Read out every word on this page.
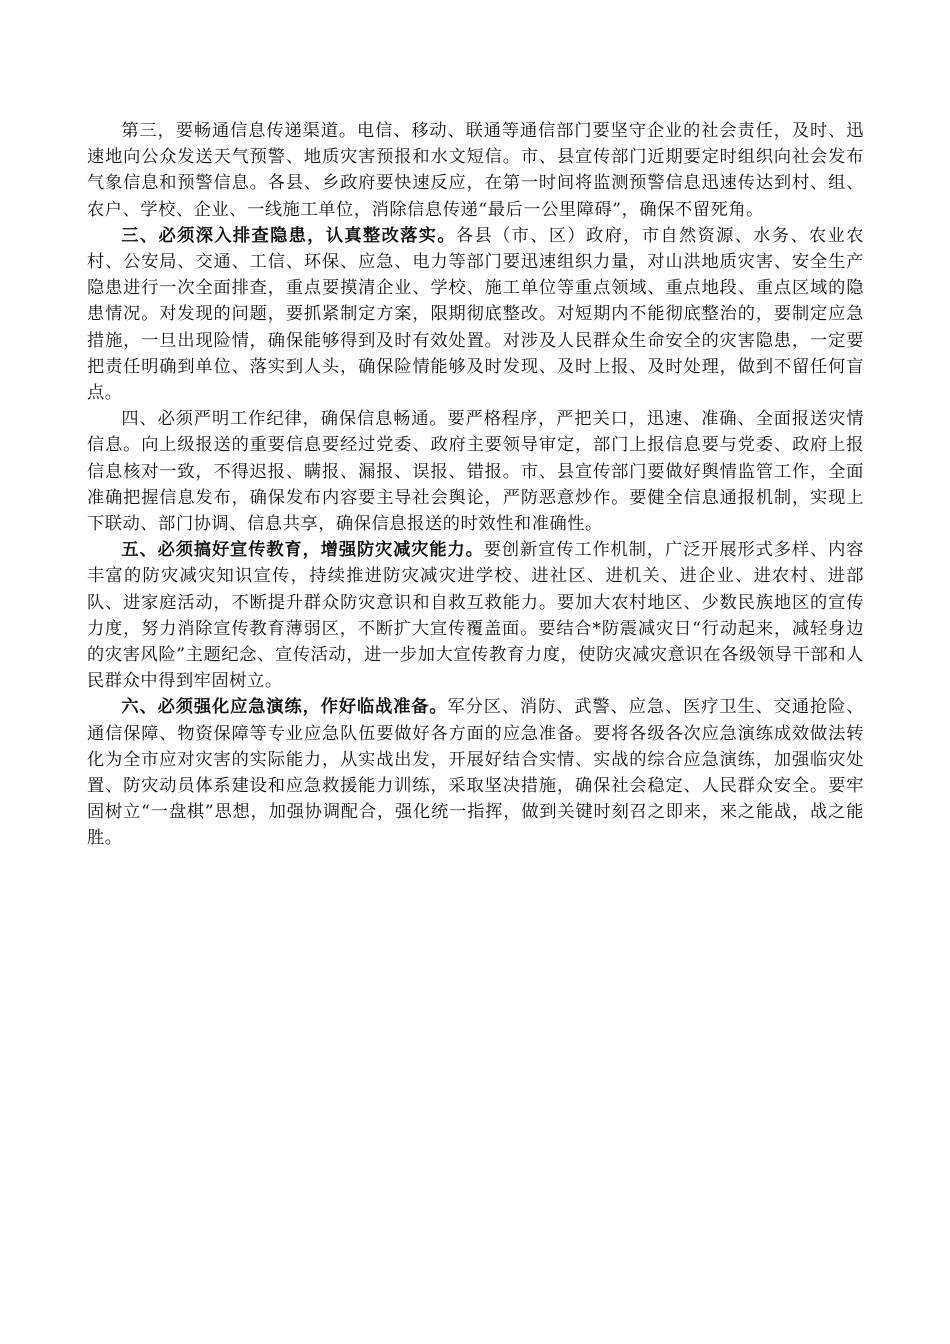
第三，要畅通信息传递渠道。电信、移动、联通等通信部门要坚守企业的社会责任，及时、迅速地向公众发送天气预警、地质灾害预报和水文短信。市、县宣传部门近期要定时组织向社会发布气象信息和预警信息。各县、乡政府要快速反应，在第一时间将监测预警信息迅速传达到村、组、农户、学校、企业、一线施工单位，消除信息传递“最后一公里障碍”，确保不留死角。

三、必须深入排查隐患，认真整改落实。各县（市、区）政府，市自然资源、水务、农业农村、公安局、交通、工信、环保、应急、电力等部门要迅速组织力量，对山洪地质灾害、安全生产隐患进行一次全面排查，重点要摸清企业、学校、施工单位等重点领域、重点地段、重点区域的隐患情况。对发现的问题，要抓紧制定方案，限期彻底整改。对短期内不能彻底整治的，要制定应急措施，一旦出现险情，确保能够得到及时有效处置。对涉及人民群众生命安全的灾害隐患，一定要把责任明确到单位、落实到人头，确保险情能够及时发现、及时上报、及时处理，做到不留任何盲点。

四、必须严明工作纪律，确保信息畅通。要严格程序，严把关口，迅速、准确、全面报送灾情信息。向上级报送的重要信息要经过党委、政府主要领导审定，部门上报信息要与党委、政府上报信息核对一致，不得迟报、瞒报、漏报、误报、错报。市、县宣传部门要做好舆情监管工作，全面准确把握信息发布，确保发布内容要主导社会舆论，严防恶意炒作。要健全信息通报机制，实现上下联动、部门协调、信息共享，确保信息报送的时效性和准确性。

五、必须搞好宣传教育，增强防灾减灾能力。要创新宣传工作机制，广泛开展形式多样、内容丰富的防灾减灾知识宣传，持续推进防灾减灾进学校、进社区、进机关、进企业、进农村、进部队、进家庭活动，不断提升群众防灾意识和自救互救能力。要加大农村地区、少数民族地区的宣传力度，努力消除宣传教育薄弱区，不断扩大宣传覆盖面。要结合*防震减灾日“行动起来，减轻身边的灾害风险”主题纪念、宣传活动，进一步加大宣传教育力度，使防灾减灾意识在各级领导干部和人民群众中得到牢固树立。

六、必须强化应急演练，作好临战准备。军分区、消防、武警、应急、医疗卫生、交通抢险、通信保障、物资保障等专业应急队伍要做好各方面的应急准备。要将各级各次应急演练成效做法转化为全市应对灾害的实际能力，从实战出发，开展好结合实情、实战的综合应急演练，加强临灾处置、防灾动员体系建设和应急救援能力训练，采取坚决措施，确保社会稳定、人民群众安全。要牢固树立“一盘棋”思想，加强协调配合，强化统一指挥，做到关键时刻召之即来，来之能战，战之能胜。
